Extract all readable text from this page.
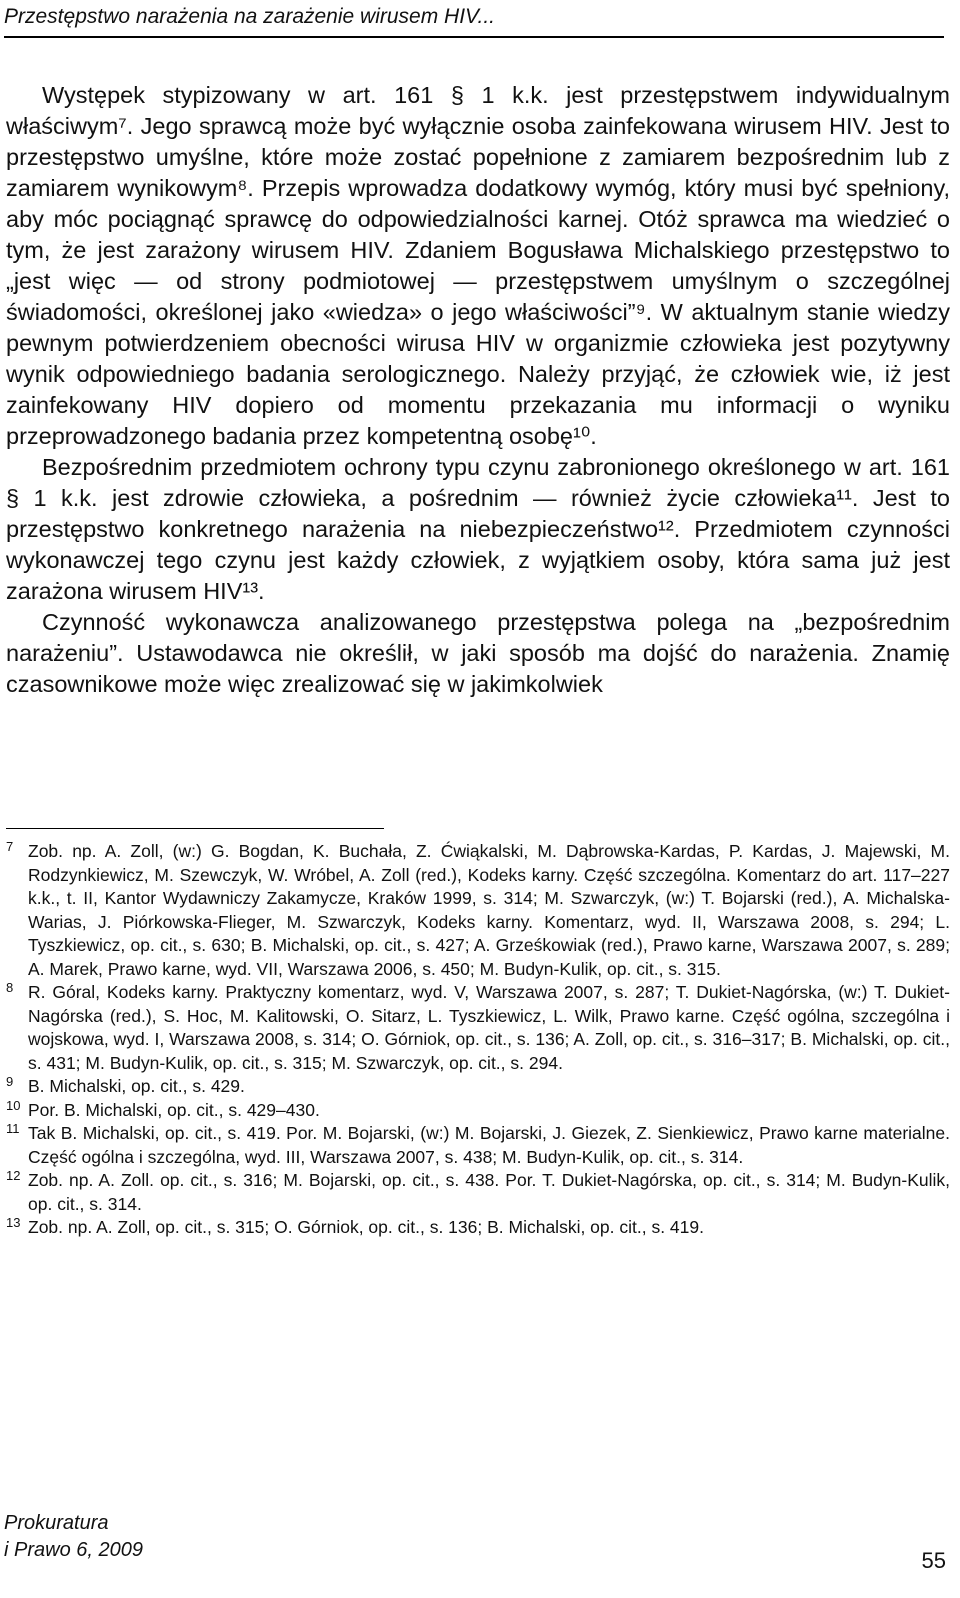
Przestępstwo narażenia na zarażenie wirusem HIV...

Występek stypizowany w art. 161 § 1 k.k. jest przestępstwem indywidualnym właściwym⁷. Jego sprawcą może być wyłącznie osoba zainfekowana wirusem HIV. Jest to przestępstwo umyślne, które może zostać popełnione z zamiarem bezpośrednim lub z zamiarem wynikowym⁸. Przepis wprowadza dodatkowy wymóg, który musi być spełniony, aby móc pociągnąć sprawcę do odpowiedzialności karnej. Otóż sprawca ma wiedzieć o tym, że jest zarażony wirusem HIV. Zdaniem Bogusława Michalskiego przestępstwo to „jest więc — od strony podmiotowej — przestępstwem umyślnym o szczególnej świadomości, określonej jako «wiedza» o jego właściwości”⁹. W aktualnym stanie wiedzy pewnym potwierdzeniem obecności wirusa HIV w organizmie człowieka jest pozytywny wynik odpowiedniego badania serologicznego. Należy przyjąć, że człowiek wie, iż jest zainfekowany HIV dopiero od momentu przekazania mu informacji o wyniku przeprowadzonego badania przez kompetentną osobę¹⁰.

Bezpośrednim przedmiotem ochrony typu czynu zabronionego określonego w art. 161 § 1 k.k. jest zdrowie człowieka, a pośrednim — również życie człowieka¹¹. Jest to przestępstwo konkretnego narażenia na niebezpieczeństwo¹². Przedmiotem czynności wykonawczej tego czynu jest każdy człowiek, z wyjątkiem osoby, która sama już jest zarażona wirusem HIV¹³.

Czynność wykonawcza analizowanego przestępstwa polega na „bezpośrednim narażeniu”. Ustawodawca nie określił, w jaki sposób ma dojść do narażenia. Znamię czasownikowe może więc zrealizować się w jakimkolwiek

7 Zob. np. A. Zoll, (w:) G. Bogdan, K. Buchała, Z. Ćwiąkalski, M. Dąbrowska-Kardas, P. Kardas, J. Majewski, M. Rodzynkiewicz, M. Szewczyk, W. Wróbel, A. Zoll (red.), Kodeks karny. Część szczególna. Komentarz do art. 117–227 k.k., t. II, Kantor Wydawniczy Zakamycze, Kraków 1999, s. 314; M. Szwarczyk, (w:) T. Bojarski (red.), A. Michalska-Warias, J. Piórkowska-Flieger, M. Szwarczyk, Kodeks karny. Komentarz, wyd. II, Warszawa 2008, s. 294; L. Tyszkiewicz, op. cit., s. 630; B. Michalski, op. cit., s. 427; A. Grześkowiak (red.), Prawo karne, Warszawa 2007, s. 289; A. Marek, Prawo karne, wyd. VII, Warszawa 2006, s. 450; M. Budyn-Kulik, op. cit., s. 315.
8 R. Góral, Kodeks karny. Praktyczny komentarz, wyd. V, Warszawa 2007, s. 287; T. Dukiet-Nagórska, (w:) T. Dukiet-Nagórska (red.), S. Hoc, M. Kalitowski, O. Sitarz, L. Tyszkiewicz, L. Wilk, Prawo karne. Część ogólna, szczególna i wojskowa, wyd. I, Warszawa 2008, s. 314; O. Górniok, op. cit., s. 136; A. Zoll, op. cit., s. 316–317; B. Michalski, op. cit., s. 431; M. Budyn-Kulik, op. cit., s. 315; M. Szwarczyk, op. cit., s. 294.
9 B. Michalski, op. cit., s. 429.
10 Por. B. Michalski, op. cit., s. 429–430.
11 Tak B. Michalski, op. cit., s. 419. Por. M. Bojarski, (w:) M. Bojarski, J. Giezek, Z. Sienkiewicz, Prawo karne materialne. Część ogólna i szczególna, wyd. III, Warszawa 2007, s. 438; M. Budyn-Kulik, op. cit., s. 314.
12 Zob. np. A. Zoll. op. cit., s. 316; M. Bojarski, op. cit., s. 438. Por. T. Dukiet-Nagórska, op. cit., s. 314; M. Budyn-Kulik, op. cit., s. 314.
13 Zob. np. A. Zoll, op. cit., s. 315; O. Górniok, op. cit., s. 136; B. Michalski, op. cit., s. 419.
Prokuratura
i Prawo 6, 2009	55
